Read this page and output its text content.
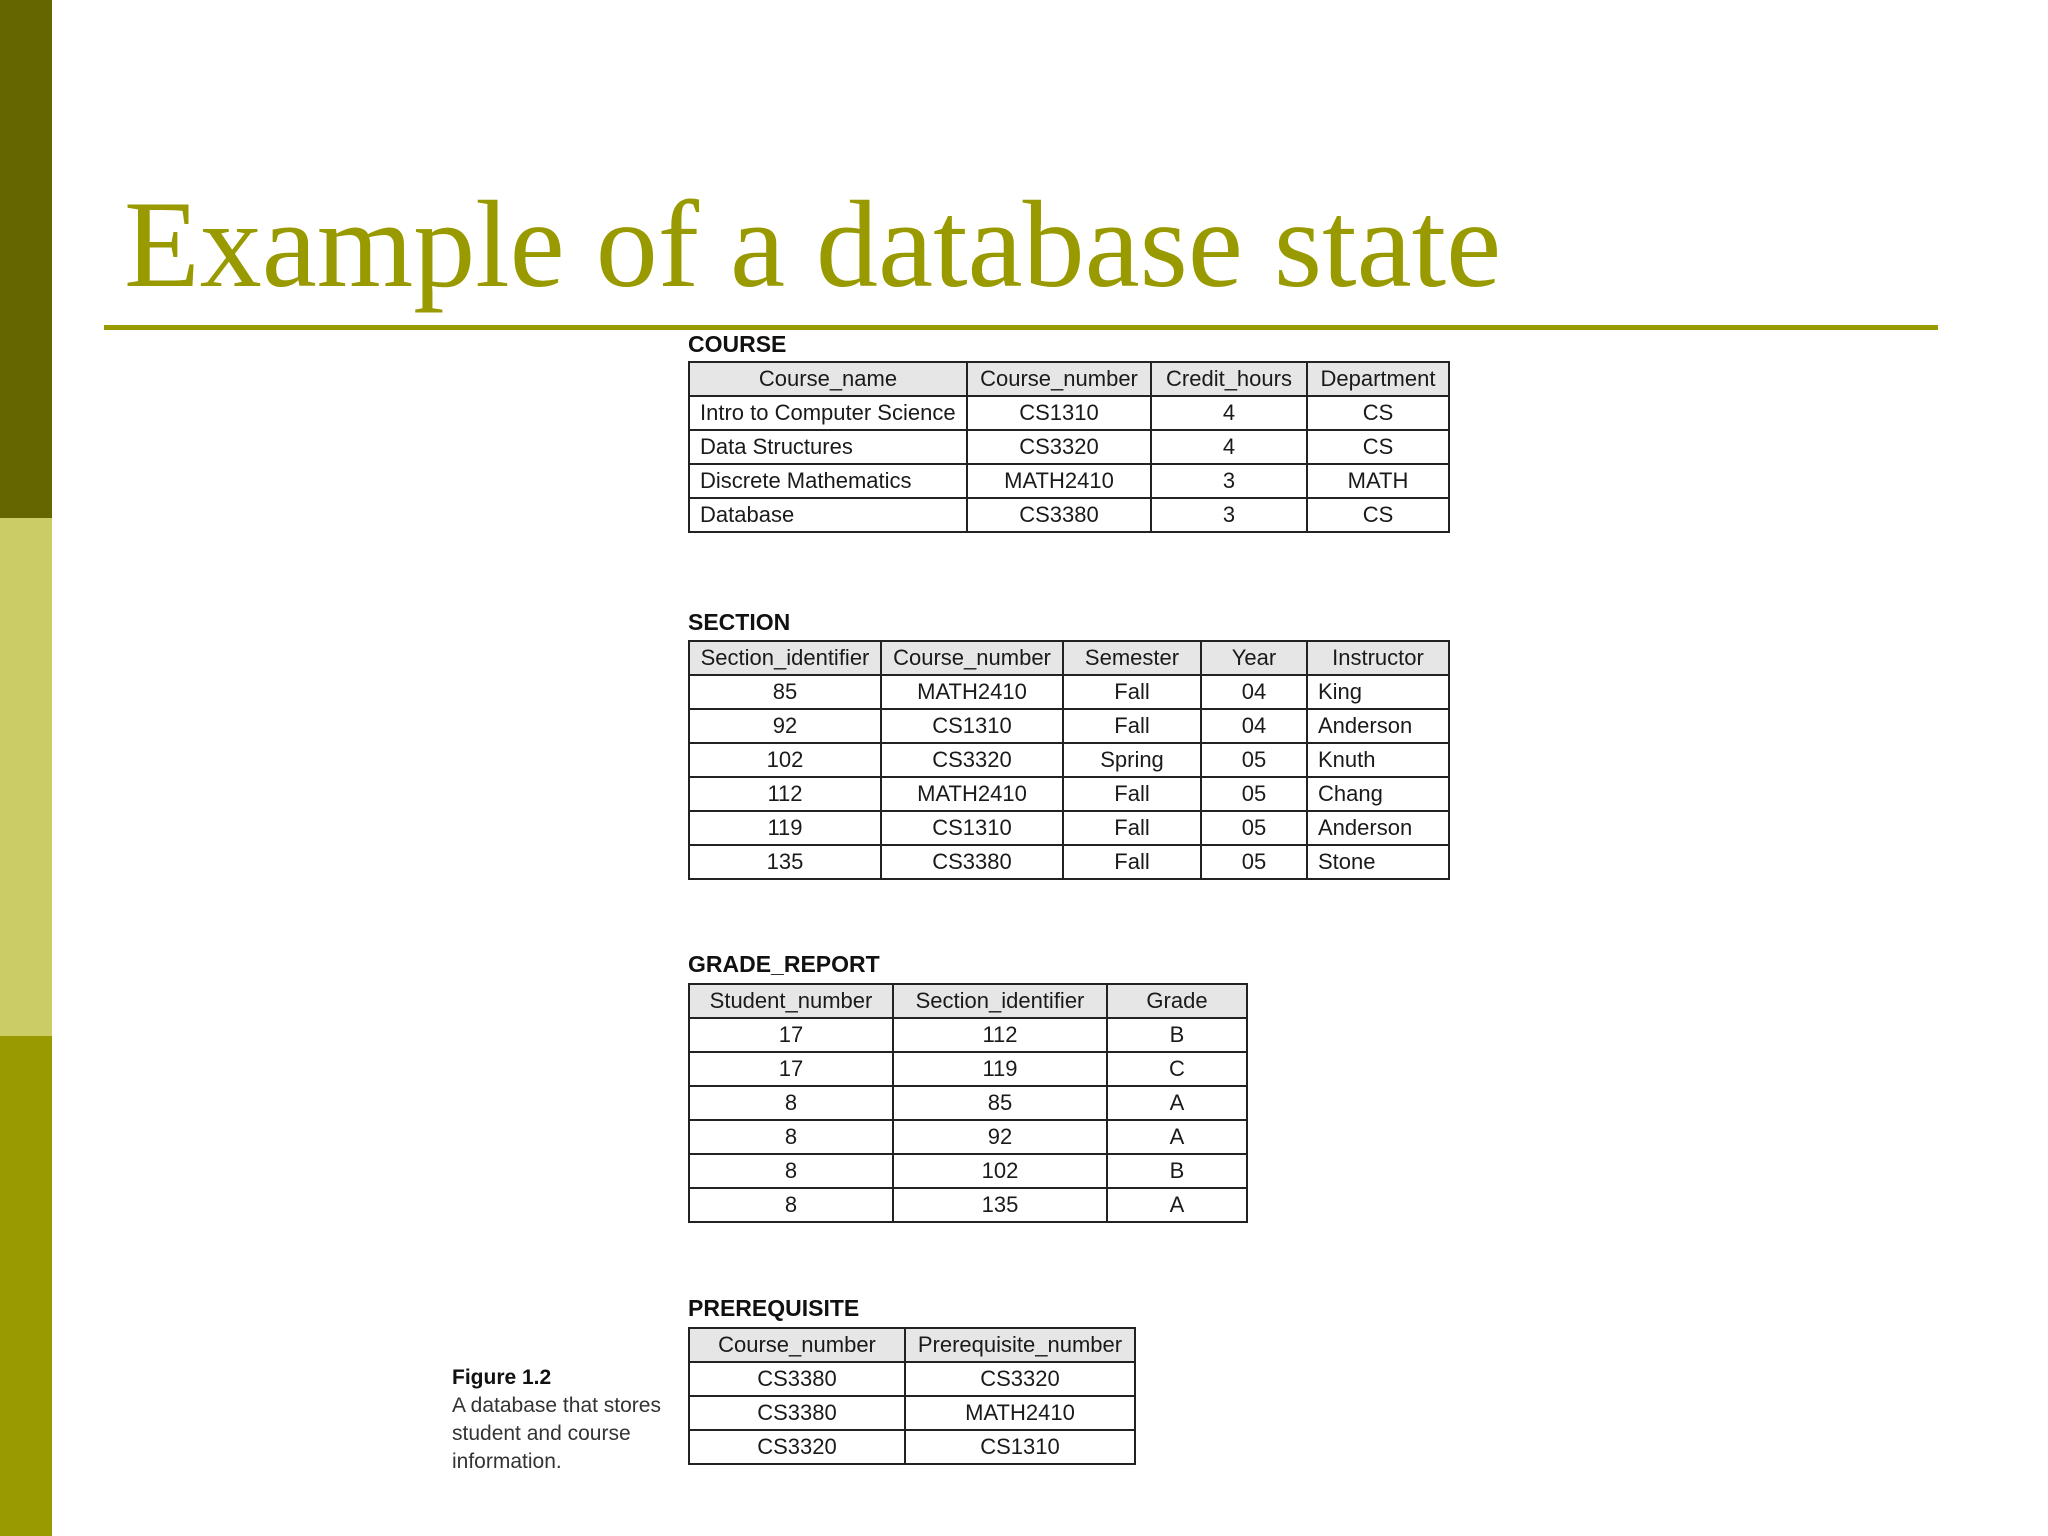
Example of a database state
COURSE
Course_name	Course_number	Credit_hours	Department
Intro to Computer Science	CS1310	4	CS
Data Structures	CS3320	4	CS
Discrete Mathematics	MATH2410	3	MATH
Database	CS3380	3	CS
SECTION
Section_identifier	Course_number	Semester	Year	Instructor
85	MATH2410	Fall	04	King
92	CS1310	Fall	04	Anderson
102	CS3320	Spring	05	Knuth
112	MATH2410	Fall	05	Chang
119	CS1310	Fall	05	Anderson
135	CS3380	Fall	05	Stone
GRADE_REPORT
Student_number	Section_identifier	Grade
17	112	B
17	119	C
8	85	A
8	92	A
8	102	B
8	135	A
PREREQUISITE
Course_number	Prerequisite_number
CS3380	CS3320
CS3380	MATH2410
CS3320	CS1310
Figure 1.2
A database that stores student and course information.
